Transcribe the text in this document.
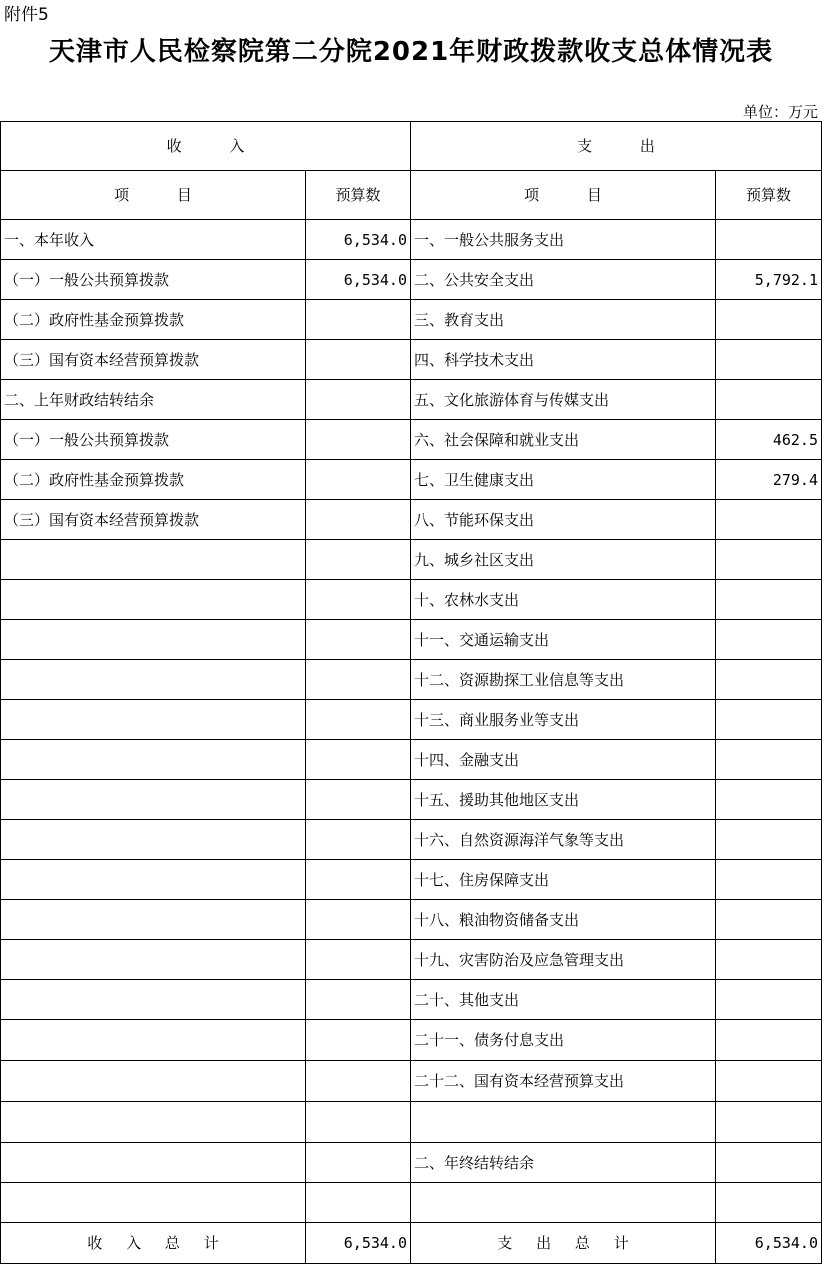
附件5
天津市人民检察院第二分院2021年财政拨款收支总体情况表
单位：万元
收          入		支          出	
项          目	预算数	项          目	预算数
一、本年收入	6,534.0	一、一般公共服务支出	
（一）一般公共预算拨款	6,534.0	二、公共安全支出	5,792.1
（二）政府性基金预算拨款		三、教育支出	
（三）国有资本经营预算拨款		四、科学技术支出	
二、上年财政结转结余		五、文化旅游体育与传媒支出	
（一）一般公共预算拨款		六、社会保障和就业支出	462.5
（二）政府性基金预算拨款		七、卫生健康支出	279.4
（三）国有资本经营预算拨款		八、节能环保支出	
		九、城乡社区支出	
		十、农林水支出	
		十一、交通运输支出	
		十二、资源勘探工业信息等支出	
		十三、商业服务业等支出	
		十四、金融支出	
		十五、援助其他地区支出	
		十六、自然资源海洋气象等支出	
		十七、住房保障支出	
		十八、粮油物资储备支出	
		十九、灾害防治及应急管理支出	
		二十、其他支出	
		二十一、债务付息支出	
		二十二、国有资本经营预算支出	

		二、年终结转结余	

收     入     总     计	6,534.0	支     出     总     计	6,534.0
